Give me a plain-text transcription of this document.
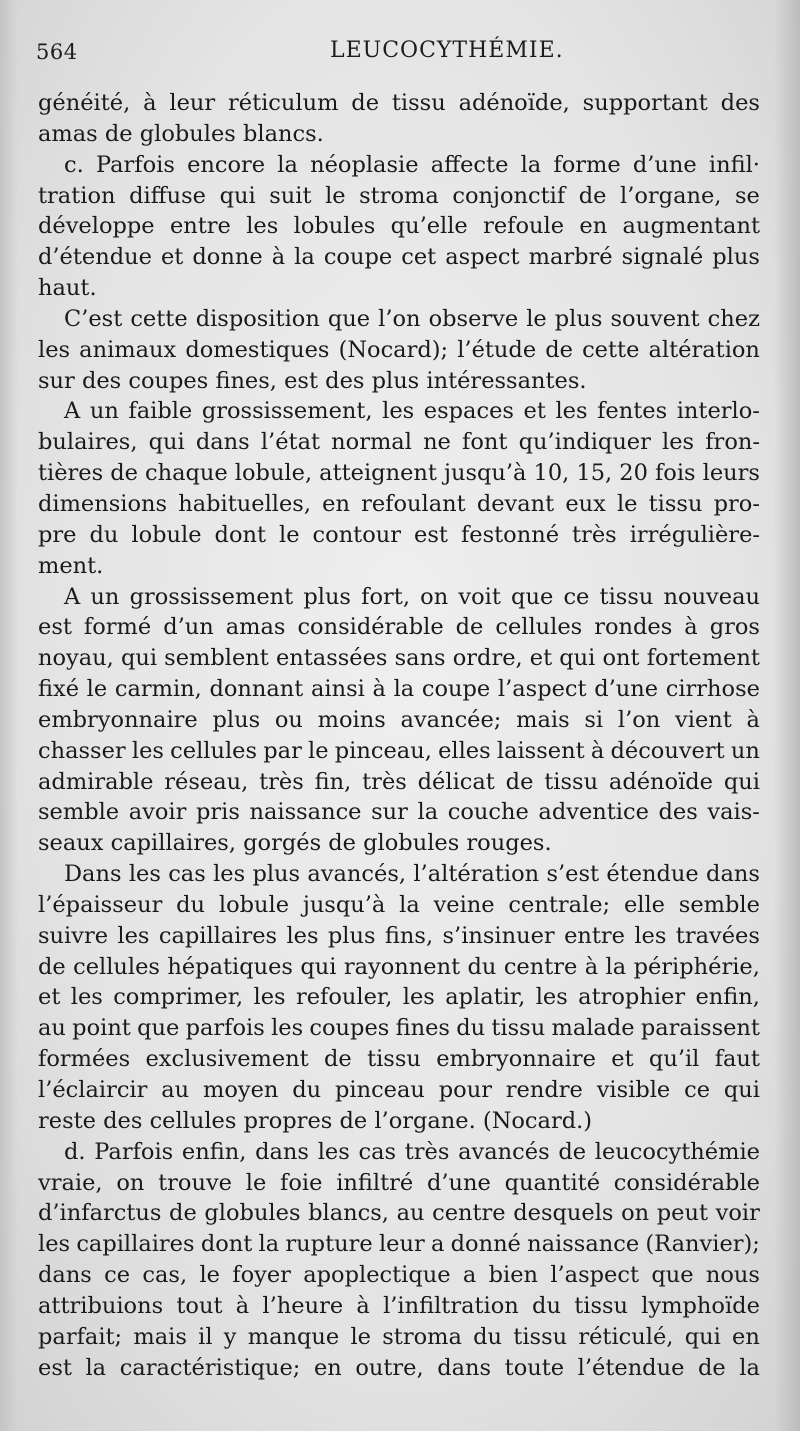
564	LEUCOCYTHÉMIE.
généité, à leur réticulum de tissu adénoïde, supportant des
amas de globules blancs.
c. Parfois encore la néoplasie affecte la forme d’une infil·
tration diffuse qui suit le stroma conjonctif de l’organe, se
développe entre les lobules qu’elle refoule en augmentant
d’étendue et donne à la coupe cet aspect marbré signalé plus
haut.
C’est cette disposition que l’on observe le plus souvent chez
les animaux domestiques (Nocard); l’étude de cette altération
sur des coupes fines, est des plus intéressantes.
A un faible grossissement, les espaces et les fentes interlo-
bulaires, qui dans l’état normal ne font qu’indiquer les fron-
tières de chaque lobule, atteignent jusqu’à 10, 15, 20 fois leurs
dimensions habituelles, en refoulant devant eux le tissu pro-
pre du lobule dont le contour est festonné très irrégulière-
ment.
A un grossissement plus fort, on voit que ce tissu nouveau
est formé d’un amas considérable de cellules rondes à gros
noyau, qui semblent entassées sans ordre, et qui ont fortement
fixé le carmin, donnant ainsi à la coupe l’aspect d’une cirrhose
embryonnaire plus ou moins avancée; mais si l’on vient à
chasser les cellules par le pinceau, elles laissent à découvert un
admirable réseau, très fin, très délicat de tissu adénoïde qui
semble avoir pris naissance sur la couche adventice des vais-
seaux capillaires, gorgés de globules rouges.
Dans les cas les plus avancés, l’altération s’est étendue dans
l’épaisseur du lobule jusqu’à la veine centrale; elle semble
suivre les capillaires les plus fins, s’insinuer entre les travées
de cellules hépatiques qui rayonnent du centre à la périphérie,
et les comprimer, les refouler, les aplatir, les atrophier enfin,
au point que parfois les coupes fines du tissu malade paraissent
formées exclusivement de tissu embryonnaire et qu’il faut
l’éclaircir au moyen du pinceau pour rendre visible ce qui
reste des cellules propres de l’organe. (Nocard.)
d. Parfois enfin, dans les cas très avancés de leucocythémie
vraie, on trouve le foie infiltré d’une quantité considérable
d’infarctus de globules blancs, au centre desquels on peut voir
les capillaires dont la rupture leur a donné naissance (Ranvier);
dans ce cas, le foyer apoplectique a bien l’aspect que nous
attribuions tout à l’heure à l’infiltration du tissu lymphoïde
parfait; mais il y manque le stroma du tissu réticulé, qui en
est la caractéristique; en outre, dans toute l’étendue de la
